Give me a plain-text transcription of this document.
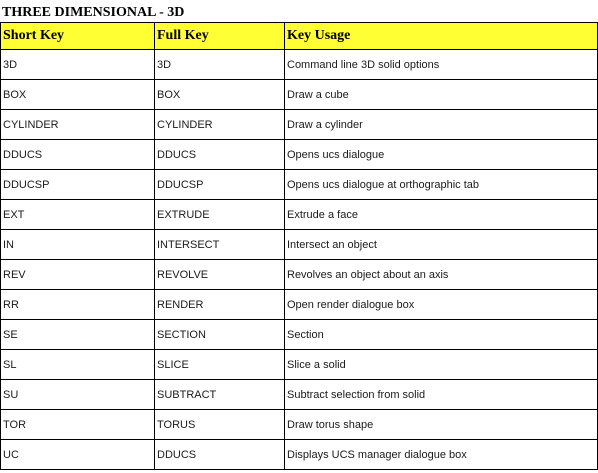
THREE DIMENSIONAL - 3D
Short Key	Full Key	Key Usage
3D	3D	Command line 3D solid options
BOX	BOX	Draw a cube
CYLINDER	CYLINDER	Draw a cylinder
DDUCS	DDUCS	Opens ucs dialogue
DDUCSP	DDUCSP	Opens ucs dialogue at orthographic tab
EXT	EXTRUDE	Extrude a face
IN	INTERSECT	Intersect an object
REV	REVOLVE	Revolves an object about an axis
RR	RENDER	Open render dialogue box
SE	SECTION	Section
SL	SLICE	Slice a solid
SU	SUBTRACT	Subtract selection from solid
TOR	TORUS	Draw torus shape
UC	DDUCS	Displays UCS manager dialogue box
